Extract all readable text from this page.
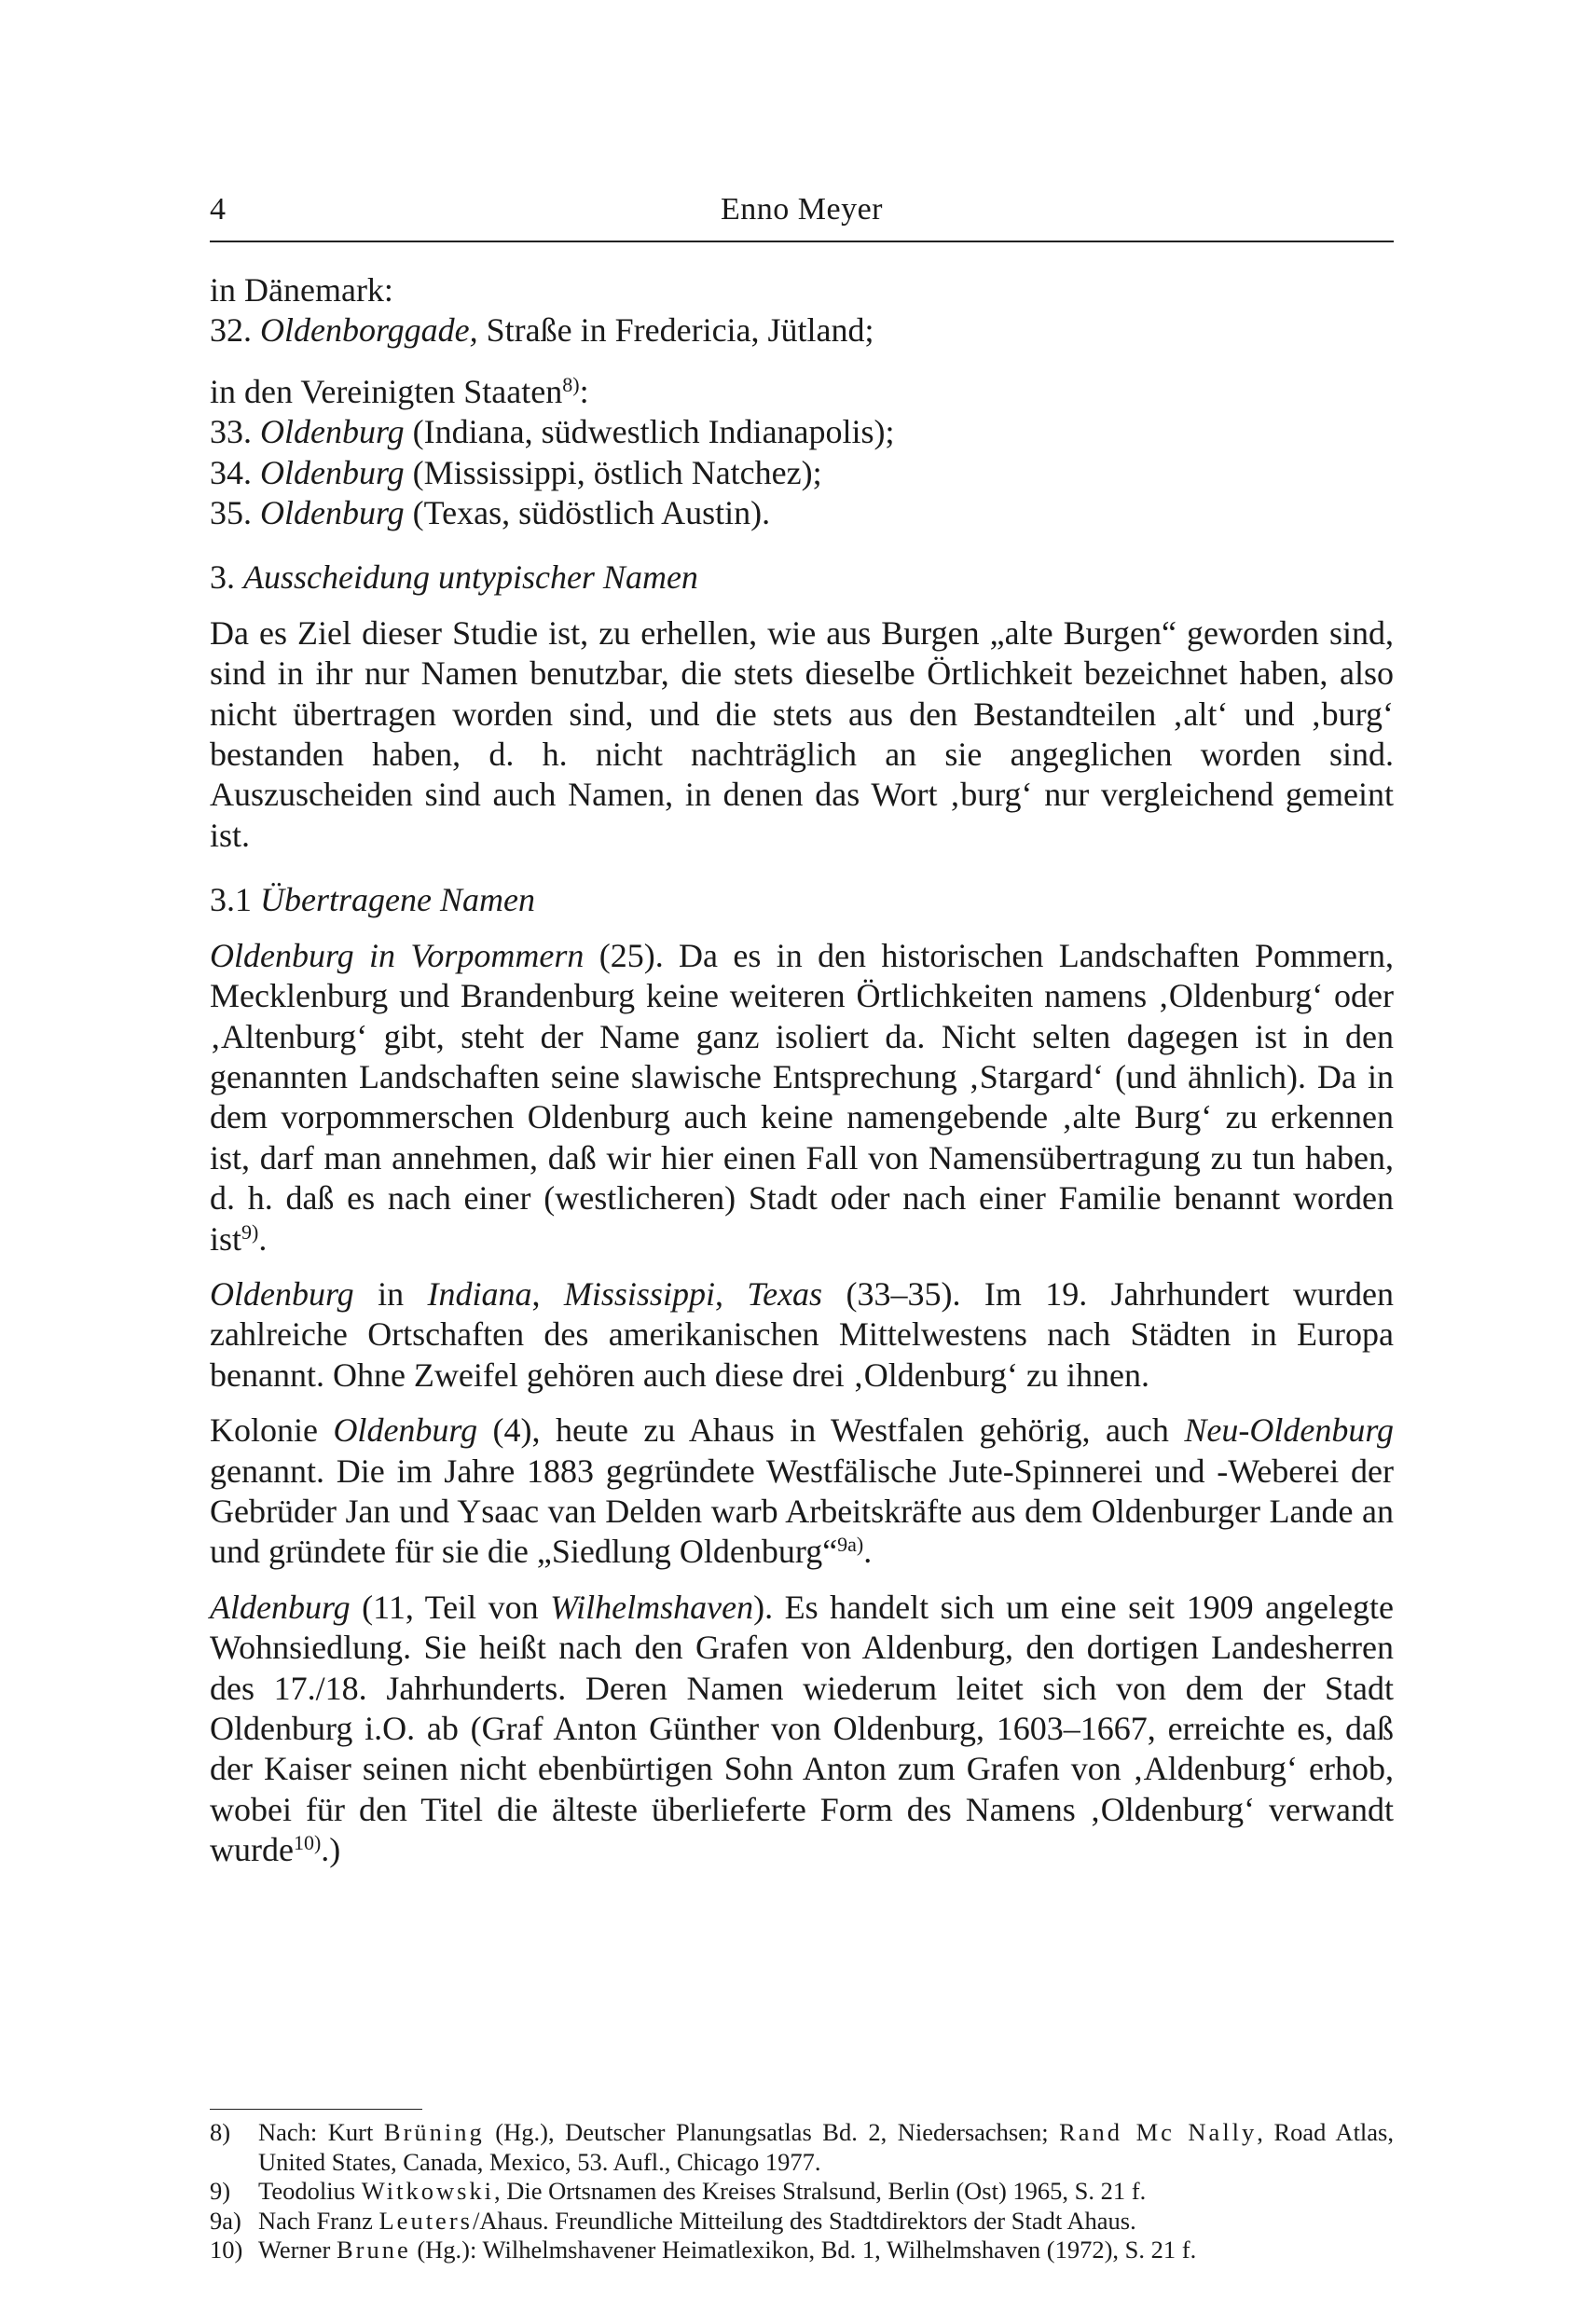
4	Enno Meyer

in Dänemark:

32. Oldenborggade, Straße in Fredericia, Jütland;

in den Vereinigten Staaten$^{8)}$:

33. Oldenburg (Indiana, südwestlich Indianapolis);

34. Oldenburg (Mississippi, östlich Natchez);

35. Oldenburg (Texas, südöstlich Austin).

3. Ausscheidung untypischer Namen

Da es Ziel dieser Studie ist, zu erhellen, wie aus Burgen „alte Burgen“ geworden sind, sind in ihr nur Namen benutzbar, die stets dieselbe Örtlichkeit bezeichnet haben, also nicht übertragen worden sind, und die stets aus den Bestandteilen ‚alt‘ und ‚burg‘ bestanden haben, d. h. nicht nachträglich an sie angeglichen worden sind. Auszuscheiden sind auch Namen, in denen das Wort ‚burg‘ nur vergleichend gemeint ist.

3.1 Übertragene Namen

Oldenburg in Vorpommern (25). Da es in den historischen Landschaften Pommern, Mecklenburg und Brandenburg keine weiteren Örtlichkeiten namens ‚Oldenburg‘ oder ‚Altenburg‘ gibt, steht der Name ganz isoliert da. Nicht selten dagegen ist in den genannten Landschaften seine slawische Entsprechung ‚Stargard‘ (und ähnlich). Da in dem vorpommerschen Oldenburg auch keine namengebende ‚alte Burg‘ zu erkennen ist, darf man annehmen, daß wir hier einen Fall von Namensübertragung zu tun haben, d. h. daß es nach einer (westlicheren) Stadt oder nach einer Familie benannt worden ist$^{9)}$.

Oldenburg in Indiana, Mississippi, Texas (33–35). Im 19. Jahrhundert wurden zahlreiche Ortschaften des amerikanischen Mittelwestens nach Städten in Europa benannt. Ohne Zweifel gehören auch diese drei ‚Oldenburg‘ zu ihnen.

Kolonie Oldenburg (4), heute zu Ahaus in Westfalen gehörig, auch Neu-Oldenburg genannt. Die im Jahre 1883 gegründete Westfälische Jute-Spinnerei und -Weberei der Gebrüder Jan und Ysaac van Delden warb Arbeitskräfte aus dem Oldenburger Lande an und gründete für sie die „Siedlung Oldenburg“$^{9a)}$.

Aldenburg (11, Teil von Wilhelmshaven). Es handelt sich um eine seit 1909 angelegte Wohnsiedlung. Sie heißt nach den Grafen von Aldenburg, den dortigen Landesherren des 17./18. Jahrhunderts. Deren Namen wiederum leitet sich von dem der Stadt Oldenburg i.O. ab (Graf Anton Günther von Oldenburg, 1603–1667, erreichte es, daß der Kaiser seinen nicht ebenbürtigen Sohn Anton zum Grafen von ‚Aldenburg‘ erhob, wobei für den Titel die älteste überlieferte Form des Namens ‚Oldenburg‘ verwandt wurde$^{10)}$.)

8) Nach: Kurt Brüning (Hg.), Deutscher Planungsatlas Bd. 2, Niedersachsen; Rand Mc Nally, Road Atlas, United States, Canada, Mexico, 53. Aufl., Chicago 1977.
9) Teodolius Witkowski, Die Ortsnamen des Kreises Stralsund, Berlin (Ost) 1965, S. 21 f.
9a) Nach Franz Leuters/Ahaus. Freundliche Mitteilung des Stadtdirektors der Stadt Ahaus.
10) Werner Brune (Hg.): Wilhelmshavener Heimatlexikon, Bd. 1, Wilhelmshaven (1972), S. 21 f.
